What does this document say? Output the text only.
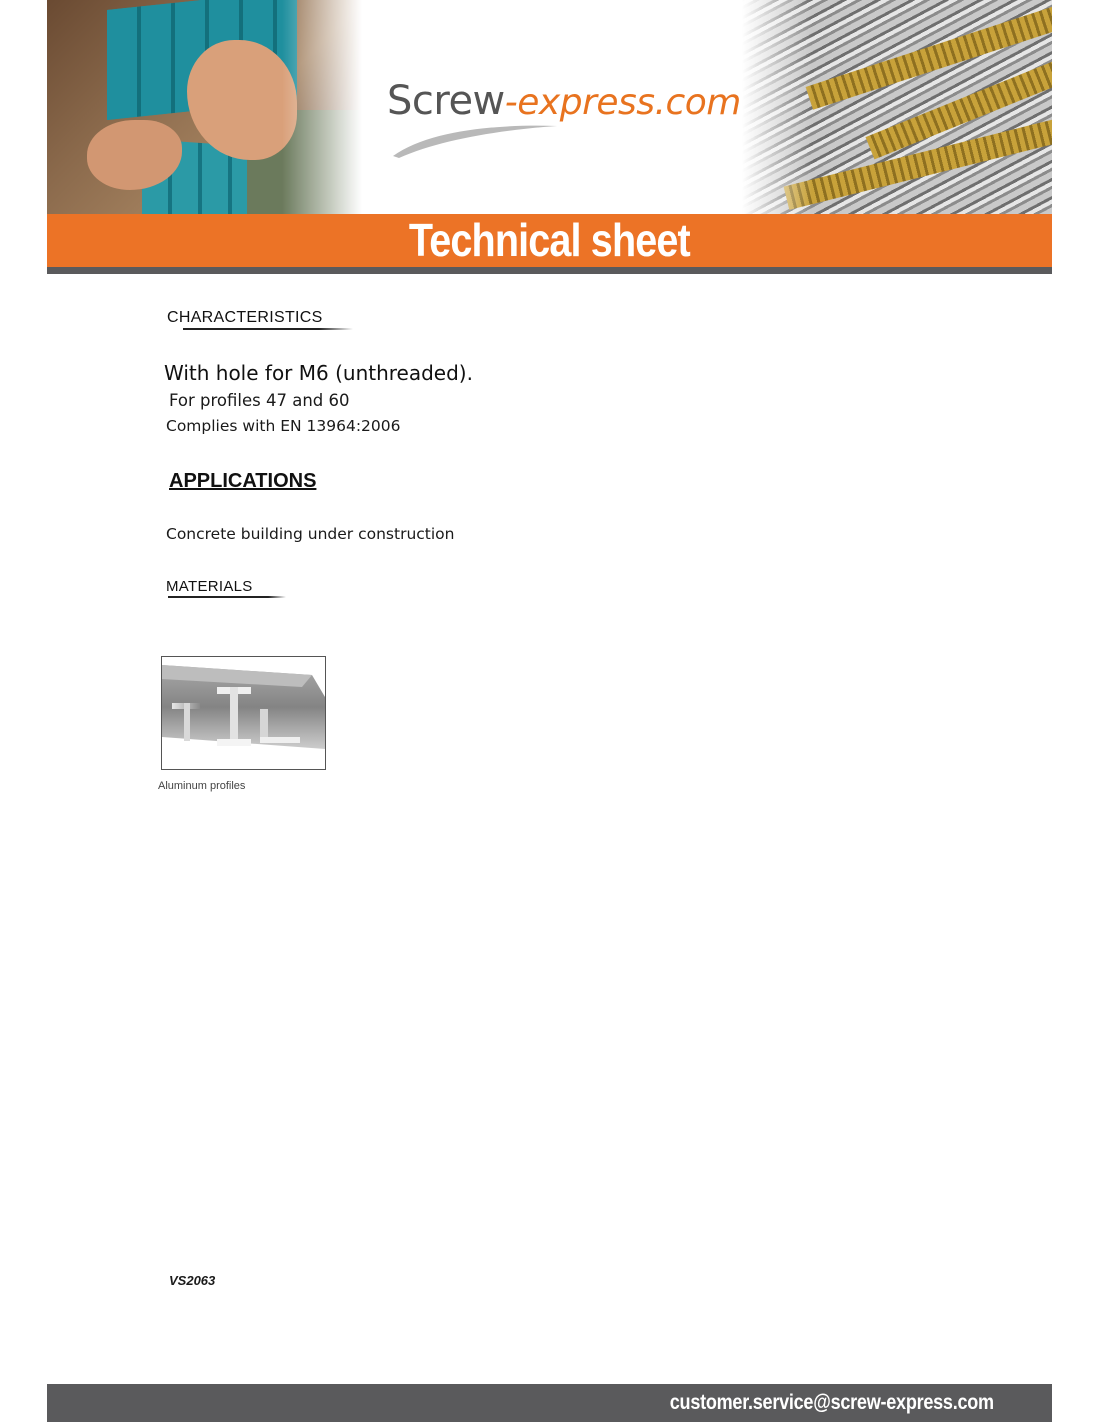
Screw-express.com
Technical sheet
CHARACTERISTICS
With hole for M6 (unthreaded).
For profiles 47 and 60
Complies with EN 13964:2006
APPLICATIONS
Concrete building under construction
MATERIALS
Aluminum profiles
VS2063
customer.service@screw-express.com
